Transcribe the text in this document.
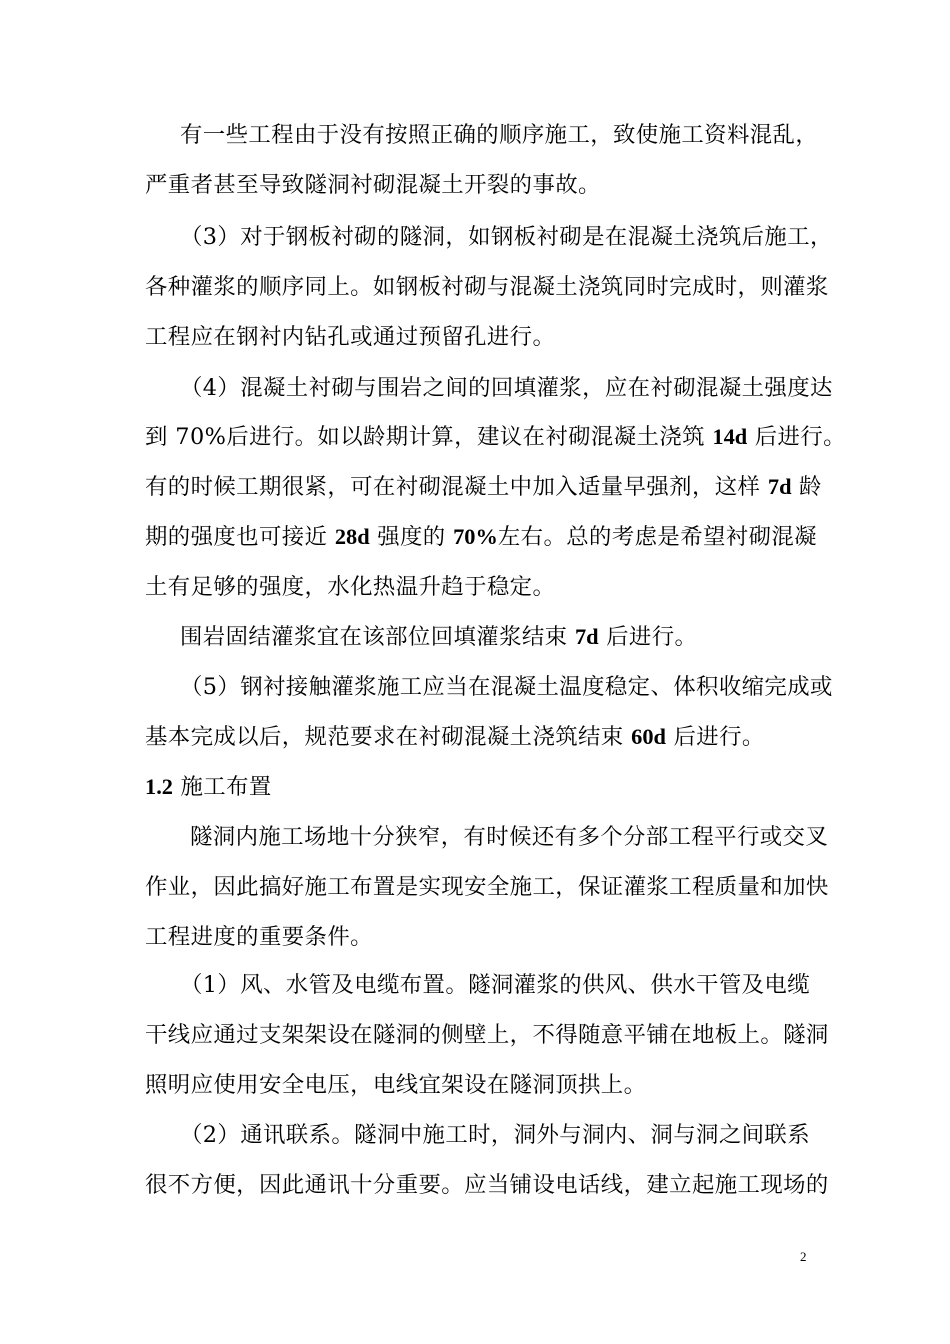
有一些工程由于没有按照正确的顺序施工，致使施工资料混乱，
严重者甚至导致隧洞衬砌混凝土开裂的事故。
（3）对于钢板衬砌的隧洞，如钢板衬砌是在混凝土浇筑后施工，
各种灌浆的顺序同上。如钢板衬砌与混凝土浇筑同时完成时，则灌浆
工程应在钢衬内钻孔或通过预留孔进行。
（4）混凝土衬砌与围岩之间的回填灌浆，应在衬砌混凝土强度达
到 70%后进行。如以龄期计算，建议在衬砌混凝土浇筑 14d 后进行。
有的时候工期很紧，可在衬砌混凝土中加入适量早强剂，这样 7d 龄
期的强度也可接近 28d 强度的 70%左右。总的考虑是希望衬砌混凝
土有足够的强度，水化热温升趋于稳定。
围岩固结灌浆宜在该部位回填灌浆结束 7d 后进行。
（5）钢衬接触灌浆施工应当在混凝土温度稳定、体积收缩完成或
基本完成以后，规范要求在衬砌混凝土浇筑结束 60d 后进行。
1.2 施工布置
隧洞内施工场地十分狭窄，有时候还有多个分部工程平行或交叉
作业，因此搞好施工布置是实现安全施工，保证灌浆工程质量和加快
工程进度的重要条件。
（1）风、水管及电缆布置。隧洞灌浆的供风、供水干管及电缆
干线应通过支架架设在隧洞的侧壁上，不得随意平铺在地板上。隧洞
照明应使用安全电压，电线宜架设在隧洞顶拱上。
（2）通讯联系。隧洞中施工时，洞外与洞内、洞与洞之间联系
很不方便，因此通讯十分重要。应当铺设电话线，建立起施工现场的
2
